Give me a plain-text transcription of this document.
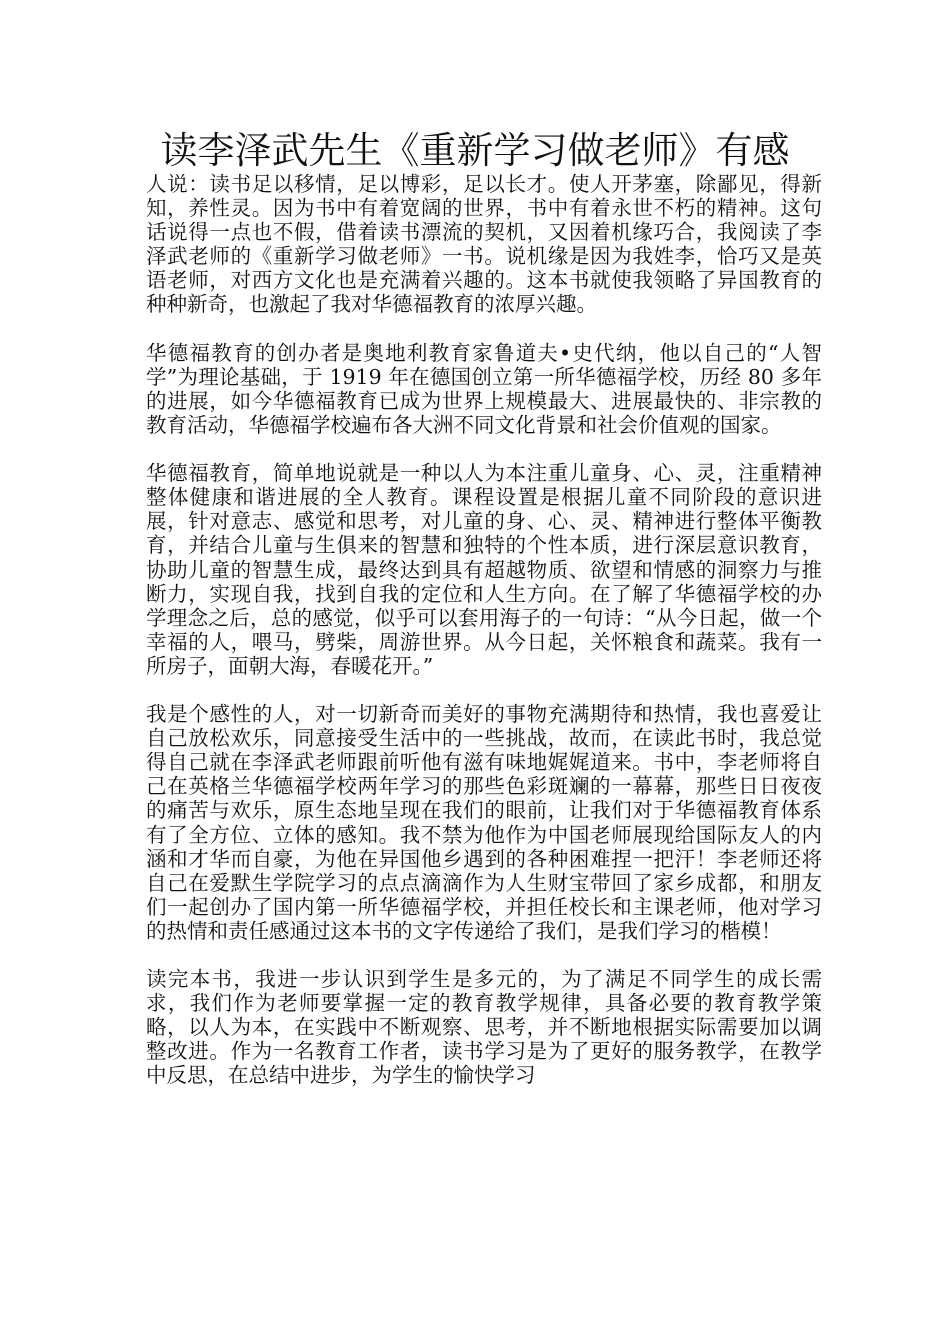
读李泽武先生《重新学习做老师》有感

人说：读书足以移情，足以博彩，足以长才。使人开茅塞，除鄙见，得新知，养性灵。因为书中有着宽阔的世界，书中有着永世不朽的精神。这句话说得一点也不假，借着读书漂流的契机，又因着机缘巧合，我阅读了李泽武老师的《重新学习做老师》一书。说机缘是因为我姓李，恰巧又是英语老师，对西方文化也是充满着兴趣的。这本书就使我领略了异国教育的种种新奇，也激起了我对华德福教育的浓厚兴趣。

华德福教育的创办者是奥地利教育家鲁道夫•史代纳，他以自己的“人智学”为理论基础，于 1919 年在德国创立第一所华德福学校，历经 80 多年的进展，如今华德福教育已成为世界上规模最大、进展最快的、非宗教的教育活动，华德福学校遍布各大洲不同文化背景和社会价值观的国家。

华德福教育，简单地说就是一种以人为本注重儿童身、心、灵，注重精神整体健康和谐进展的全人教育。课程设置是根据儿童不同阶段的意识进展，针对意志、感觉和思考，对儿童的身、心、灵、精神进行整体平衡教育，并结合儿童与生俱来的智慧和独特的个性本质，进行深层意识教育，协助儿童的智慧生成，最终达到具有超越物质、欲望和情感的洞察力与推断力，实现自我，找到自我的定位和人生方向。在了解了华德福学校的办学理念之后，总的感觉，似乎可以套用海子的一句诗：“从今日起，做一个幸福的人，喂马，劈柴，周游世界。从今日起，关怀粮食和蔬菜。我有一所房子，面朝大海，春暖花开。”

我是个感性的人，对一切新奇而美好的事物充满期待和热情，我也喜爱让自己放松欢乐，同意接受生活中的一些挑战，故而，在读此书时，我总觉得自己就在李泽武老师跟前听他有滋有味地娓娓道来。书中，李老师将自己在英格兰华德福学校两年学习的那些色彩斑斓的一幕幕，那些日日夜夜的痛苦与欢乐，原生态地呈现在我们的眼前，让我们对于华德福教育体系有了全方位、立体的感知。我不禁为他作为中国老师展现给国际友人的内涵和才华而自豪，为他在异国他乡遇到的各种困难捏一把汗！李老师还将自己在爱默生学院学习的点点滴滴作为人生财宝带回了家乡成都，和朋友们一起创办了国内第一所华德福学校，并担任校长和主课老师，他对学习的热情和责任感通过这本书的文字传递给了我们，是我们学习的楷模！

读完本书，我进一步认识到学生是多元的，为了满足不同学生的成长需求，我们作为老师要掌握一定的教育教学规律，具备必要的教育教学策略，以人为本，在实践中不断观察、思考，并不断地根据实际需要加以调整改进。作为一名教育工作者，读书学习是为了更好的服务教学，在教学中反思，在总结中进步，为学生的愉快学习
